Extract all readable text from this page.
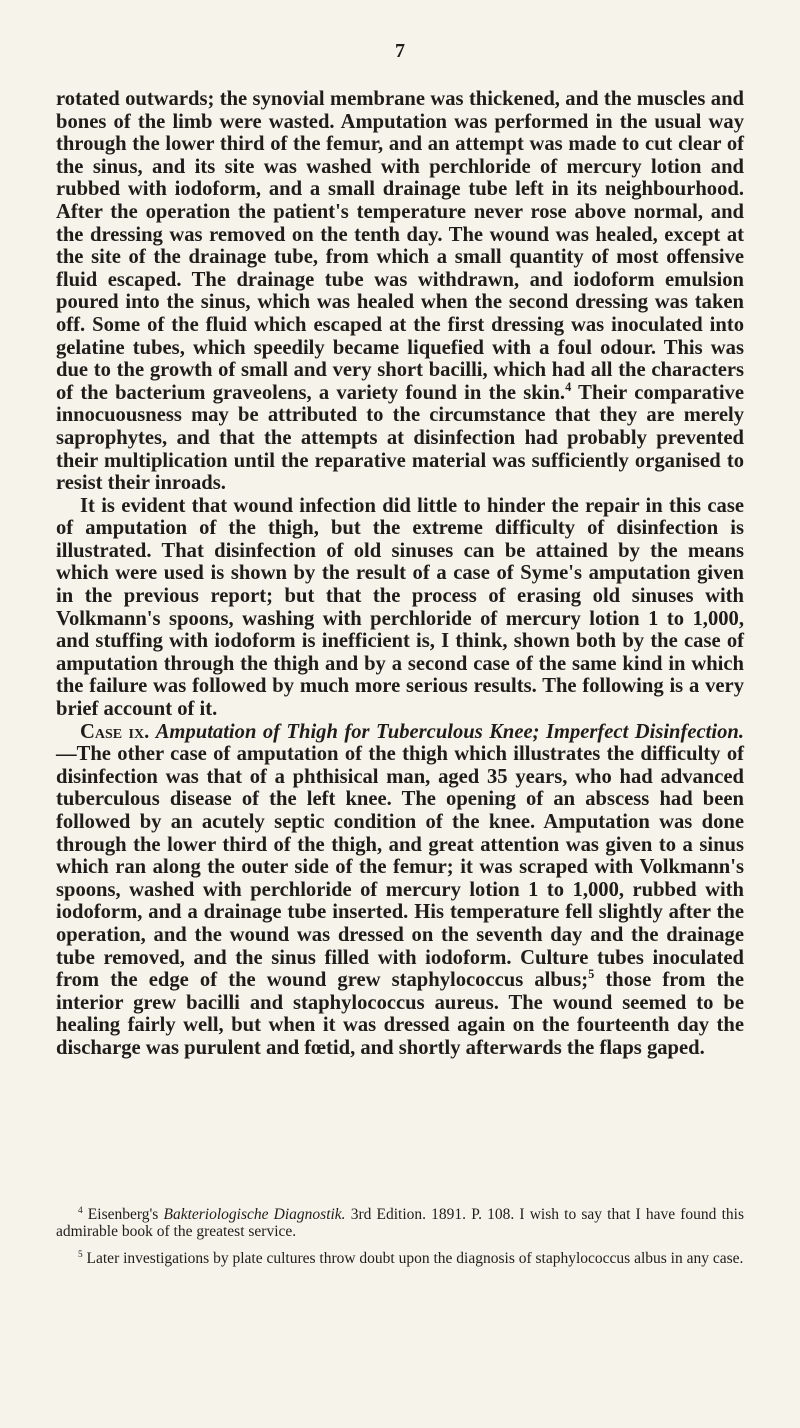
7

rotated outwards; the synovial membrane was thickened, and the muscles and bones of the limb were wasted. Amputation was performed in the usual way through the lower third of the femur, and an attempt was made to cut clear of the sinus, and its site was washed with perchloride of mercury lotion and rubbed with iodoform, and a small drainage tube left in its neighbourhood. After the operation the patient's temperature never rose above normal, and the dressing was removed on the tenth day. The wound was healed, except at the site of the drainage tube, from which a small quantity of most offensive fluid escaped. The drainage tube was withdrawn, and iodoform emulsion poured into the sinus, which was healed when the second dressing was taken off. Some of the fluid which escaped at the first dressing was inoculated into gelatine tubes, which speedily became liquefied with a foul odour. This was due to the growth of small and very short bacilli, which had all the characters of the bacterium graveolens, a variety found in the skin.$^4$ Their comparative innocuousness may be attributed to the circumstance that they are merely saprophytes, and that the attempts at disinfection had probably prevented their multiplication until the reparative material was sufficiently organised to resist their inroads.

It is evident that wound infection did little to hinder the repair in this case of amputation of the thigh, but the extreme difficulty of disinfection is illustrated. That disinfection of old sinuses can be attained by the means which were used is shown by the result of a case of Syme's amputation given in the previous report; but that the process of erasing old sinuses with Volkmann's spoons, washing with perchloride of mercury lotion 1 to 1,000, and stuffing with iodoform is inefficient is, I think, shown both by the case of amputation through the thigh and by a second case of the same kind in which the failure was followed by much more serious results. The following is a very brief account of it.

Case ix. Amputation of Thigh for Tuberculous Knee; Imperfect Disinfection.—The other case of amputation of the thigh which illustrates the difficulty of disinfection was that of a phthisical man, aged 35 years, who had advanced tuberculous disease of the left knee. The opening of an abscess had been followed by an acutely septic condition of the knee. Amputation was done through the lower third of the thigh, and great attention was given to a sinus which ran along the outer side of the femur; it was scraped with Volkmann's spoons, washed with perchloride of mercury lotion 1 to 1,000, rubbed with iodoform, and a drainage tube inserted. His temperature fell slightly after the operation, and the wound was dressed on the seventh day and the drainage tube removed, and the sinus filled with iodoform. Culture tubes inoculated from the edge of the wound grew staphylococcus albus;$^5$ those from the interior grew bacilli and staphylococcus aureus. The wound seemed to be healing fairly well, but when it was dressed again on the fourteenth day the discharge was purulent and fœtid, and shortly afterwards the flaps gaped.

$^4$ Eisenberg's Bakteriologische Diagnostik. 3rd Edition. 1891. P. 108. I wish to say that I have found this admirable book of the greatest service.

$^5$ Later investigations by plate cultures throw doubt upon the diagnosis of staphylococcus albus in any case.
